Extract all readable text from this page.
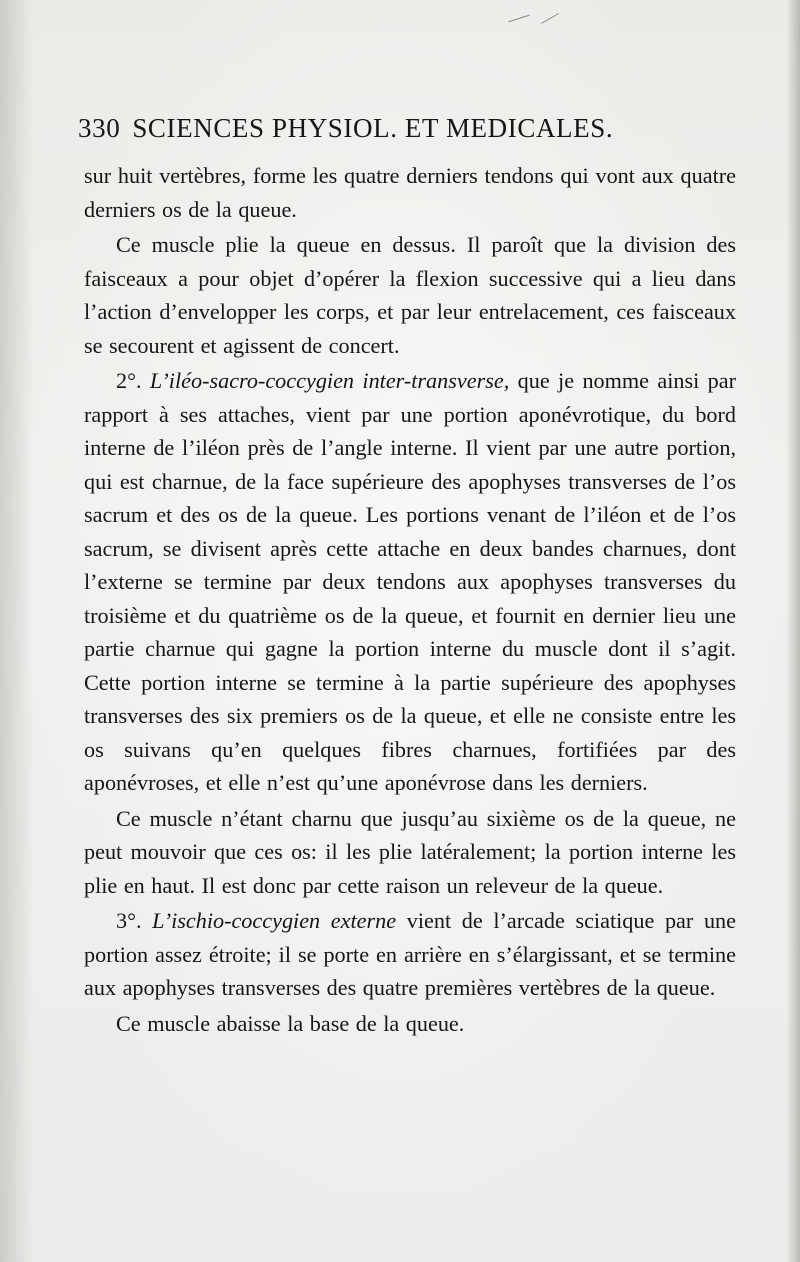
330 SCIENCES PHYSIOL. ET MEDICALES.

sur huit vertèbres, forme les quatre derniers tendons qui vont aux quatre derniers os de la queue.

Ce muscle plie la queue en dessus. Il paroît que la division des faisceaux a pour objet d’opérer la flexion successive qui a lieu dans l’action d’envelopper les corps, et par leur entrelacement, ces faisceaux se secourent et agissent de concert.

2°. L’iléo-sacro-coccygien inter-transverse, que je nomme ainsi par rapport à ses attaches, vient par une portion aponévrotique, du bord interne de l’iléon près de l’angle interne. Il vient par une autre portion, qui est charnue, de la face supérieure des apophyses transverses de l’os sacrum et des os de la queue. Les portions venant de l’iléon et de l’os sacrum, se divisent après cette attache en deux bandes charnues, dont l’externe se termine par deux tendons aux apophyses transverses du troisième et du quatrième os de la queue, et fournit en dernier lieu une partie charnue qui gagne la portion interne du muscle dont il s’agit. Cette portion interne se termine à la partie supérieure des apophyses transverses des six premiers os de la queue, et elle ne consiste entre les os suivans qu’en quelques fibres charnues, fortifiées par des aponévroses, et elle n’est qu’une aponévrose dans les derniers.

Ce muscle n’étant charnu que jusqu’au sixième os de la queue, ne peut mouvoir que ces os: il les plie latéralement; la portion interne les plie en haut. Il est donc par cette raison un releveur de la queue.

3°. L’ischio-coccygien externe vient de l’arcade sciatique par une portion assez étroite; il se porte en arrière en s’élargissant, et se termine aux apophyses transverses des quatre premières vertèbres de la queue.

Ce muscle abaisse la base de la queue.
